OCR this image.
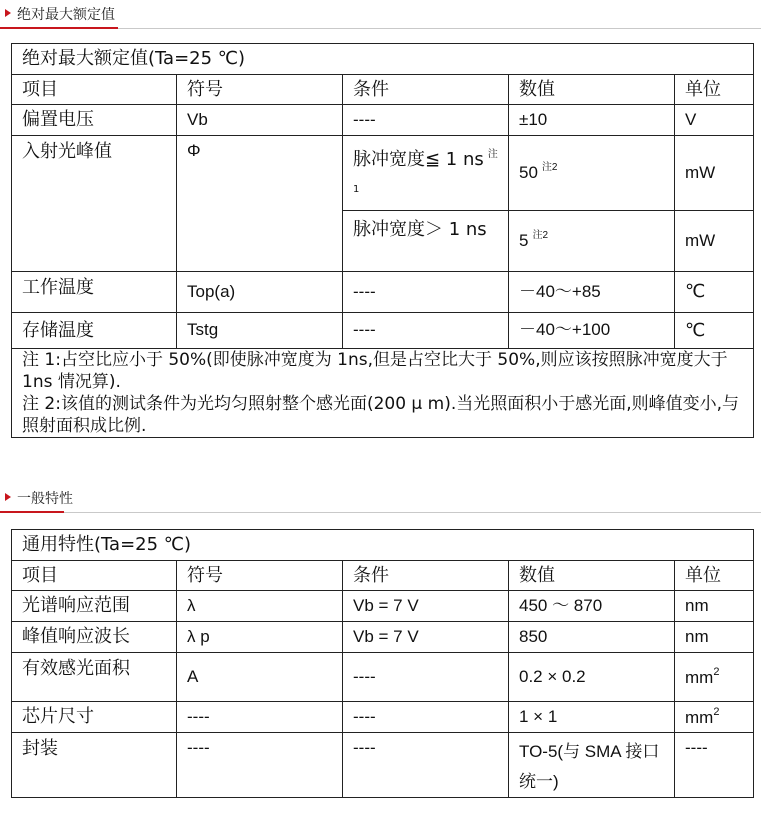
绝对最大额定值
绝对最大额定值(Ta=25 ℃)				
项目	符号	条件	数值	单位
偏置电压	Vb	----	±10	V
入射光峰值	Φ	脉冲宽度≦ 1 ns $^{注1}$	50 $^{注2}$	mW
		脉冲宽度＞ 1 ns	5 $^{注2}$	mW
工作温度	Top(a)	----	－40～+85	℃
存储温度	Tstg	----	－40～+100	℃

注 1:占空比应小于 50%(即使脉冲宽度为 1ns,但是占空比大于 50%,则应该按照脉冲宽度大于 1ns 情况算).
注 2:该值的测试条件为光均匀照射整个感光面(200 μ m).当光照面积小于感光面,则峰值变小,与照射面积成比例.				
一般特性
通用特性(Ta=25 ℃)				
项目	符号	条件	数值	单位
光谱响应范围	λ	Vb = 7 V	450 ～ 870	nm
峰值响应波长	λ p	Vb = 7 V	850	nm
有效感光面积	A	----	0.2 × 0.2	$mm^2$
芯片尺寸	----	----	1 × 1	$mm^2$
封装	----	----	TO-5(与 SMA 接口统一)	----
